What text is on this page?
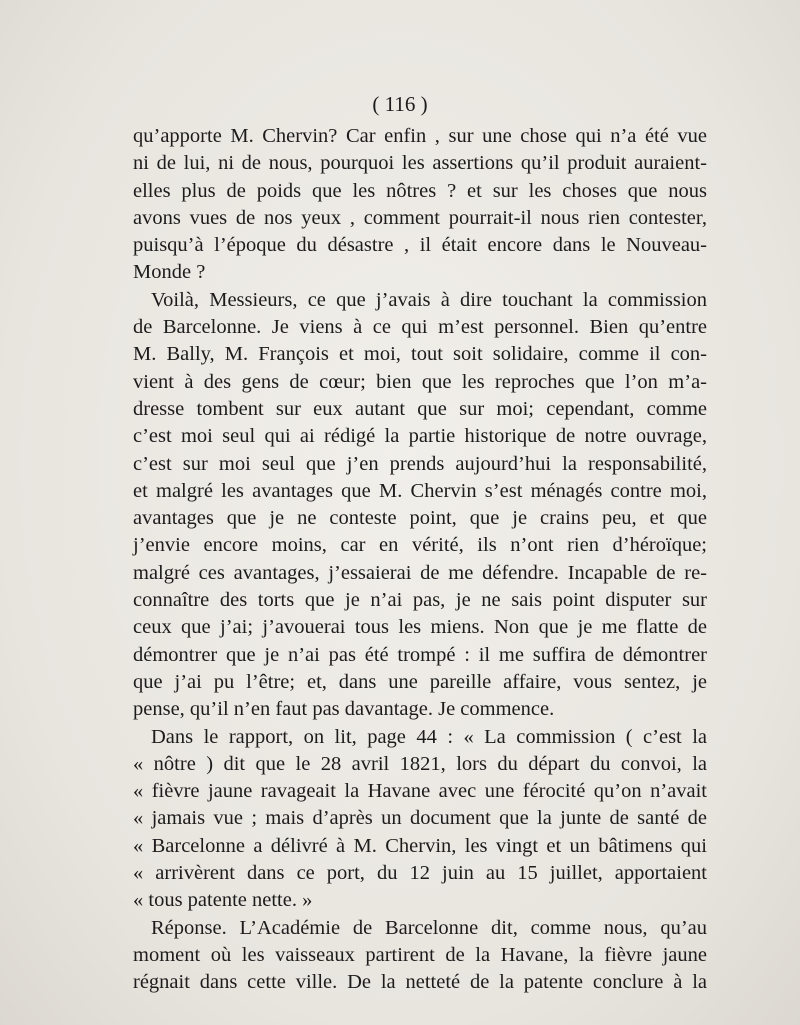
( 116 )
qu’apporte M. Chervin? Car enfin , sur une chose qui n’a été vue
ni de lui, ni de nous, pourquoi les assertions qu’il produit auraient-
elles plus de poids que les nôtres ? et sur les choses que nous
avons vues de nos yeux , comment pourrait-il nous rien contester,
puisqu’à l’époque du désastre , il était encore dans le Nouveau-
Monde ?
Voilà, Messieurs, ce que j’avais à dire touchant la commission
de Barcelonne. Je viens à ce qui m’est personnel. Bien qu’entre
M. Bally, M. François et moi, tout soit solidaire, comme il con-
vient à des gens de cœur; bien que les reproches que l’on m’a-
dresse tombent sur eux autant que sur moi; cependant, comme
c’est moi seul qui ai rédigé la partie historique de notre ouvrage,
c’est sur moi seul que j’en prends aujourd’hui la responsabilité,
et malgré les avantages que M. Chervin s’est ménagés contre moi,
avantages que je ne conteste point, que je crains peu, et que
j’envie encore moins, car en vérité, ils n’ont rien d’héroïque;
malgré ces avantages, j’essaierai de me défendre. Incapable de re-
connaître des torts que je n’ai pas, je ne sais point disputer sur
ceux que j’ai; j’avouerai tous les miens. Non que je me flatte de
démontrer que je n’ai pas été trompé : il me suffira de démontrer
que j’ai pu l’être; et, dans une pareille affaire, vous sentez, je
pense, qu’il n’en faut pas davantage. Je commence.
Dans le rapport, on lit, page 44 : « La commission ( c’est la
« nôtre ) dit que le 28 avril 1821, lors du départ du convoi, la
« fièvre jaune ravageait la Havane avec une férocité qu’on n’avait
« jamais vue ; mais d’après un document que la junte de santé de
« Barcelonne a délivré à M. Chervin, les vingt et un bâtimens qui
« arrivèrent dans ce port, du 12 juin au 15 juillet, apportaient
« tous patente nette. »
Réponse. L’Académie de Barcelonne dit, comme nous, qu’au
moment où les vaisseaux partirent de la Havane, la fièvre jaune
régnait dans cette ville. De la netteté de la patente conclure à la
